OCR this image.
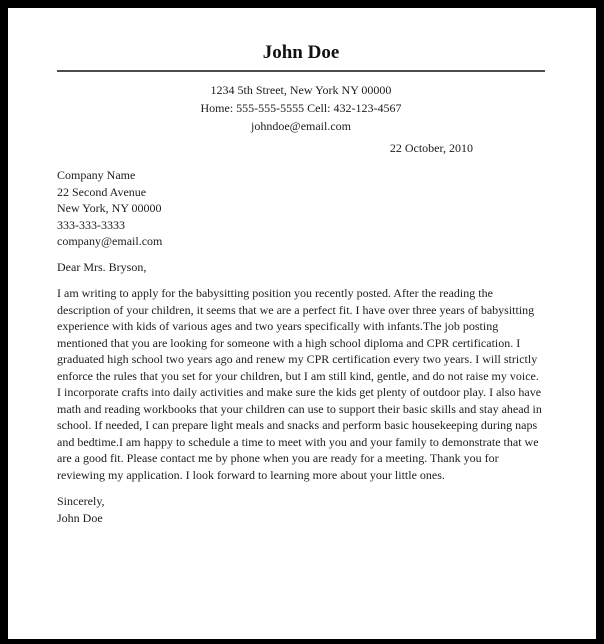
John Doe
1234 5th Street, New York NY 00000
Home: 555-555-5555 Cell: 432-123-4567
johndoe@email.com
22 October, 2010
Company Name
22 Second Avenue
New York, NY 00000
333-333-3333
company@email.com
Dear Mrs. Bryson,
I am writing to apply for the babysitting position you recently posted. After the reading the description of your children, it seems that we are a perfect fit. I have over three years of babysitting experience with kids of various ages and two years specifically with infants.The job posting mentioned that you are looking for someone with a high school diploma and CPR certification. I graduated high school two years ago and renew my CPR certification every two years. I will strictly enforce the rules that you set for your children, but I am still kind, gentle, and do not raise my voice. I incorporate crafts into daily activities and make sure the kids get plenty of outdoor play. I also have math and reading workbooks that your children can use to support their basic skills and stay ahead in school. If needed, I can prepare light meals and snacks and perform basic housekeeping during naps and bedtime.I am happy to schedule a time to meet with you and your family to demonstrate that we are a good fit. Please contact me by phone when you are ready for a meeting. Thank you for reviewing my application. I look forward to learning more about your little ones.
Sincerely,
John Doe
